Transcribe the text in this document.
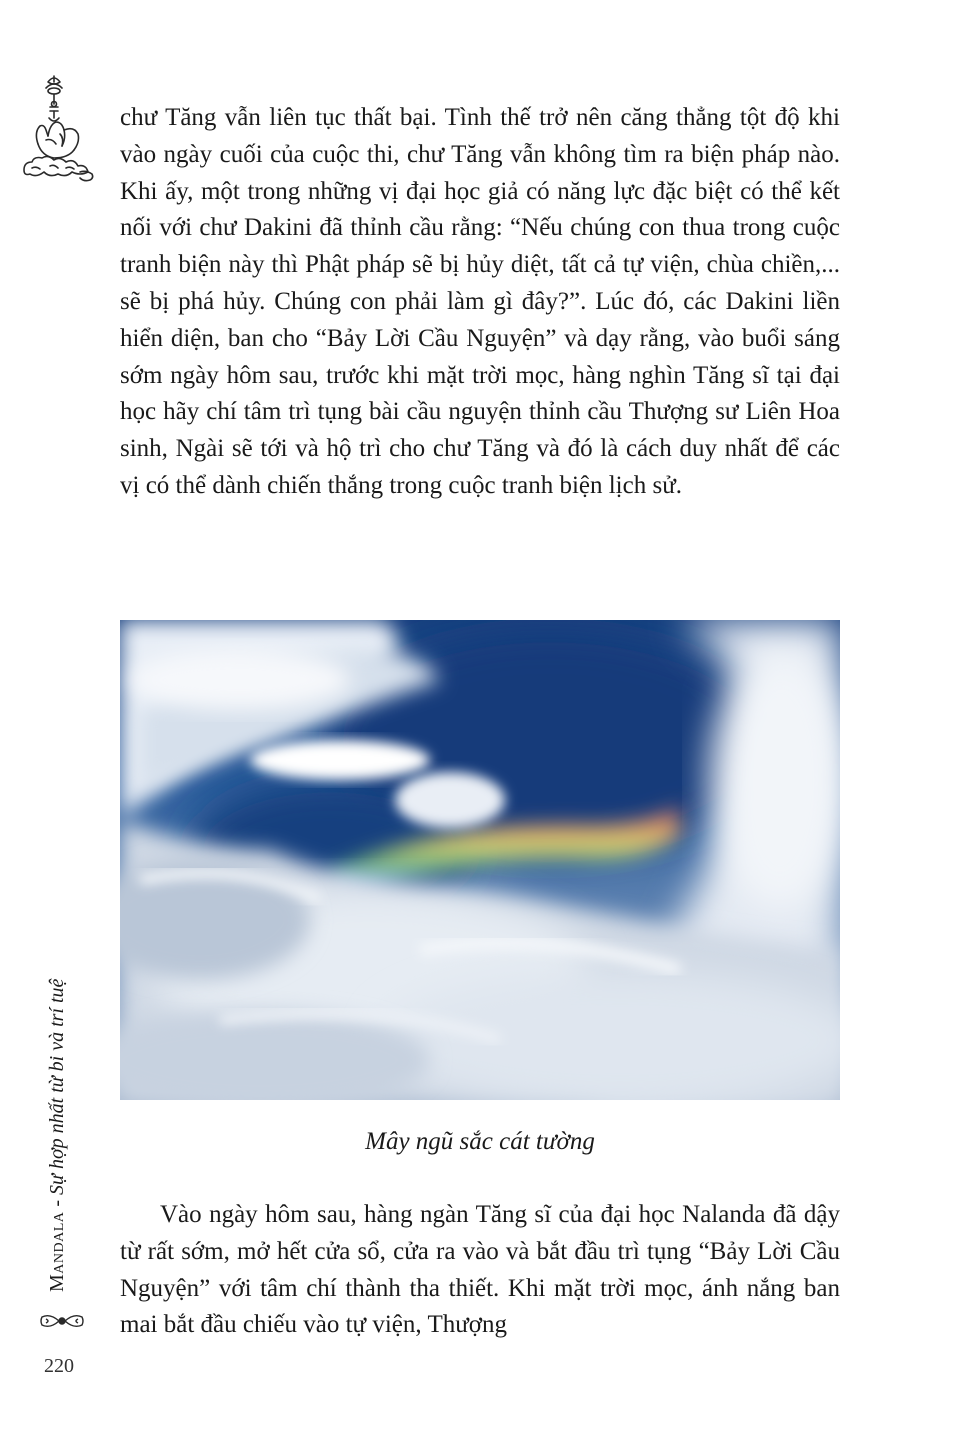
chư Tăng vẫn liên tục thất bại. Tình thế trở nên căng thẳng tột độ khi vào ngày cuối của cuộc thi, chư Tăng vẫn không tìm ra biện pháp nào. Khi ấy, một trong những vị đại học giả có năng lực đặc biệt có thể kết nối với chư Dakini đã thỉnh cầu rằng: “Nếu chúng con thua trong cuộc tranh biện này thì Phật pháp sẽ bị hủy diệt, tất cả tự viện, chùa chiền,... sẽ bị phá hủy. Chúng con phải làm gì đây?”. Lúc đó, các Dakini liền hiển diện, ban cho “Bảy Lời Cầu Nguyện” và dạy rằng, vào buổi sáng sớm ngày hôm sau, trước khi mặt trời mọc, hàng nghìn Tăng sĩ tại đại học hãy chí tâm trì tụng bài cầu nguyện thỉnh cầu Thượng sư Liên Hoa sinh, Ngài sẽ tới và hộ trì cho chư Tăng và đó là cách duy nhất để các vị có thể dành chiến thắng trong cuộc tranh biện lịch sử.

Mây ngũ sắc cát tường

Vào ngày hôm sau, hàng ngàn Tăng sĩ của đại học Nalanda đã dậy từ rất sớm, mở hết cửa sổ, cửa ra vào và bắt đầu trì tụng “Bảy Lời Cầu Nguyện” với tâm chí thành tha thiết. Khi mặt trời mọc, ánh nắng ban mai bắt đầu chiếu vào tự viện, Thượng

Mandala - Sự hợp nhất từ bi và trí tuệ
220
